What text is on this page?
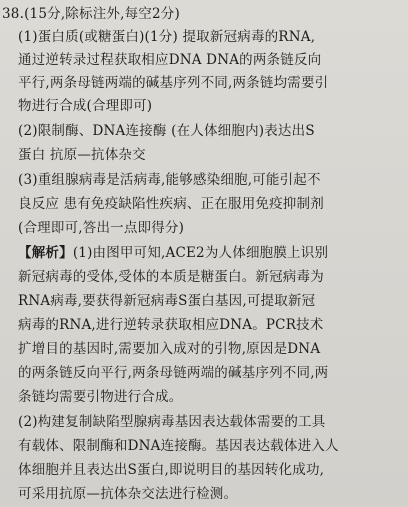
38.(15分,除标注外,每空2分)
(1)蛋白质(或糖蛋白)(1分) 提取新冠病毒的RNA,
通过逆转录过程获取相应DNA DNA的两条链反向
平行,两条母链两端的碱基序列不同,两条链均需要引
物进行合成(合理即可)
(2)限制酶、DNA连接酶 (在人体细胞内)表达出S
蛋白 抗原—抗体杂交
(3)重组腺病毒是活病毒,能够感染细胞,可能引起不
良反应 患有免疫缺陷性疾病、正在服用免疫抑制剂
(合理即可,答出一点即得分)
【解析】(1)由图甲可知,ACE2为人体细胞膜上识别
新冠病毒的受体,受体的本质是糖蛋白。新冠病毒为
RNA病毒,要获得新冠病毒S蛋白基因,可提取新冠
病毒的RNA,进行逆转录获取相应DNA。PCR技术
扩增目的基因时,需要加入成对的引物,原因是DNA
的两条链反向平行,两条母链两端的碱基序列不同,两
条链均需要引物进行合成。
(2)构建复制缺陷型腺病毒基因表达载体需要的工具
有载体、限制酶和DNA连接酶。基因表达载体进入人
体细胞并且表达出S蛋白,即说明目的基因转化成功,
可采用抗原—抗体杂交法进行检测。
